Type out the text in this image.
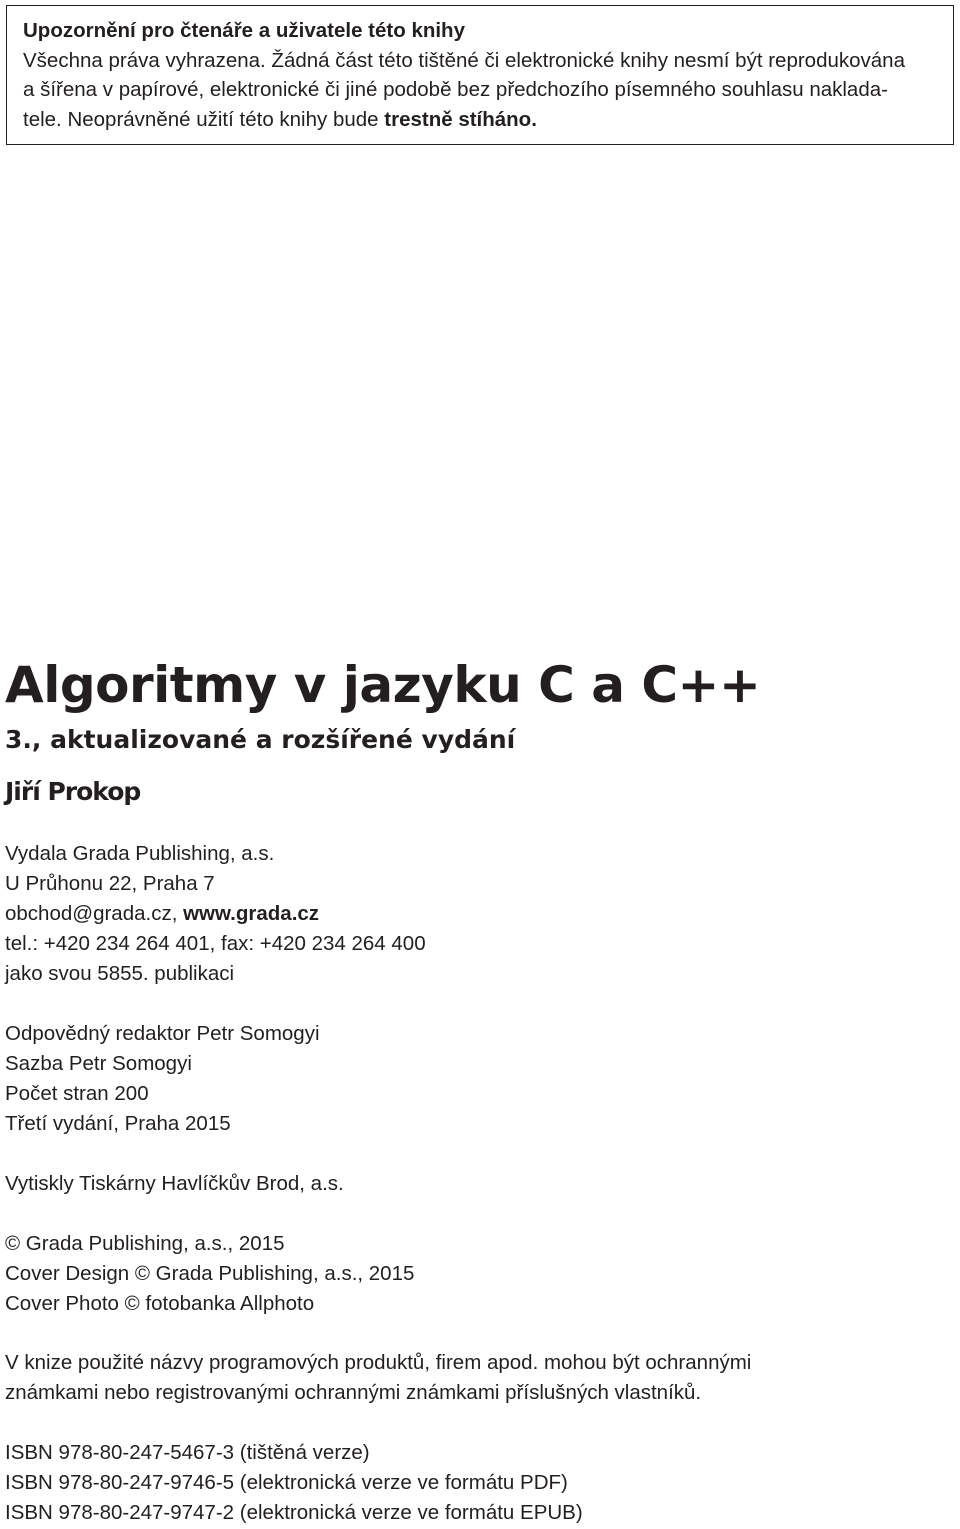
Upozornění pro čtenáře a uživatele této knihy
Všechna práva vyhrazena. Žádná část této tištěné či elektronické knihy nesmí být reprodukována
a šířena v papírové, elektronické či jiné podobě bez předchozího písemného souhlasu naklada-
tele. Neoprávněné užití této knihy bude trestně stíháno.
Algoritmy v jazyku C a C++
3., aktualizované a rozšířené vydání
Jiří Prokop
Vydala Grada Publishing, a.s.
U Průhonu 22, Praha 7
obchod@grada.cz, www.grada.cz
tel.: +420 234 264 401, fax: +420 234 264 400
jako svou 5855. publikaci
Odpovědný redaktor Petr Somogyi
Sazba Petr Somogyi
Počet stran 200
Třetí vydání, Praha 2015
Vytiskly Tiskárny Havlíčkův Brod, a.s.
© Grada Publishing, a.s., 2015
Cover Design © Grada Publishing, a.s., 2015
Cover Photo © fotobanka Allphoto
V knize použité názvy programových produktů, firem apod. mohou být ochrannými
známkami nebo registrovanými ochrannými známkami příslušných vlastníků.
ISBN 978-80-247-5467-3 (tištěná verze)
ISBN 978-80-247-9746-5 (elektronická verze ve formátu PDF)
ISBN 978-80-247-9747-2 (elektronická verze ve formátu EPUB)
